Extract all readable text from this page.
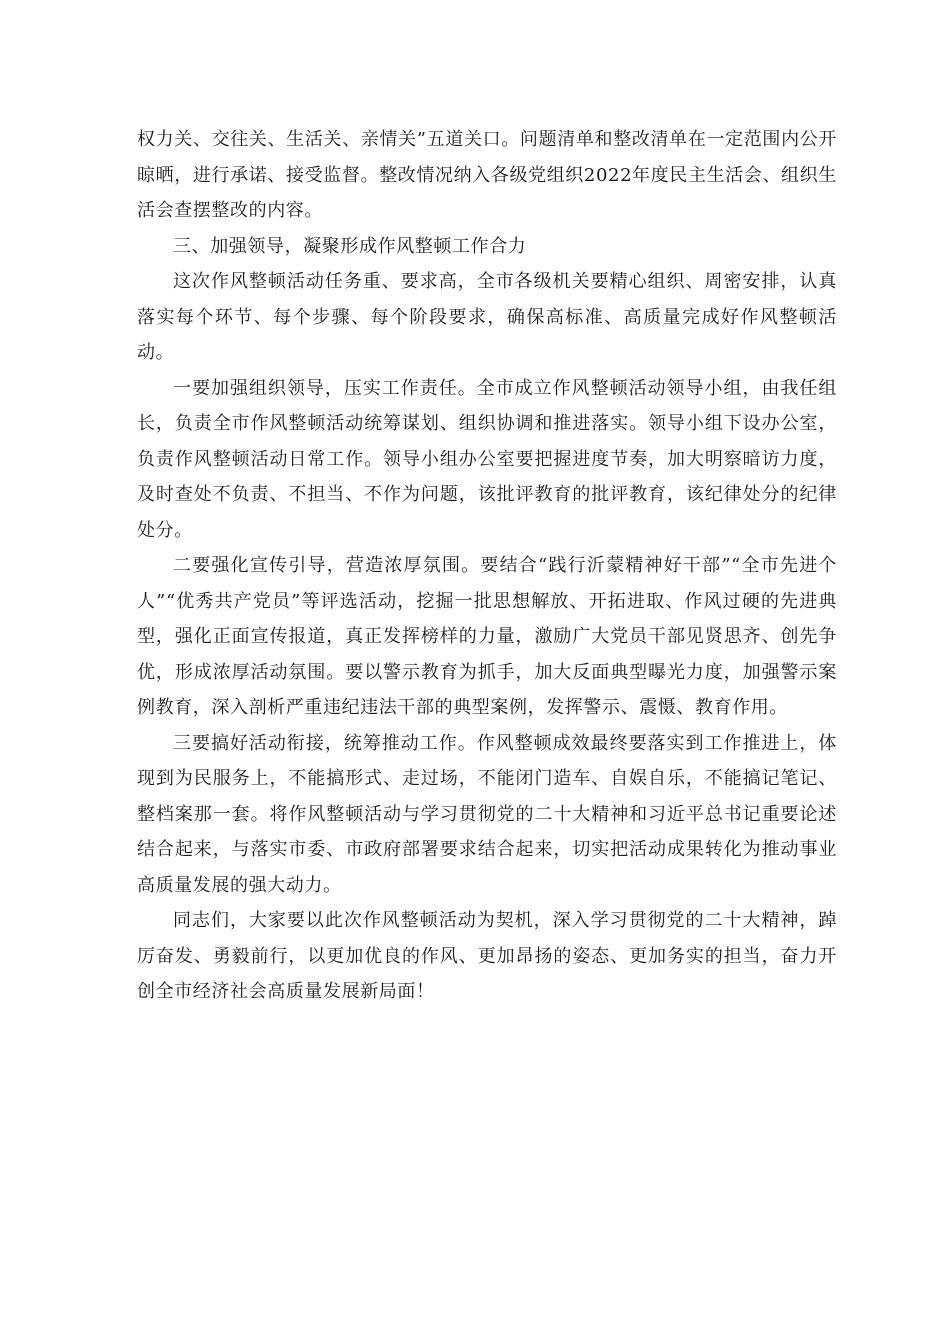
权力关、交往关、生活关、亲情关”五道关口。问题清单和整改清单在一定范围内公开晾晒，进行承诺、接受监督。整改情况纳入各级党组织2022年度民主生活会、组织生活会查摆整改的内容。

三、加强领导，凝聚形成作风整顿工作合力

这次作风整顿活动任务重、要求高，全市各级机关要精心组织、周密安排，认真落实每个环节、每个步骤、每个阶段要求，确保高标准、高质量完成好作风整顿活动。

一要加强组织领导，压实工作责任。全市成立作风整顿活动领导小组，由我任组长，负责全市作风整顿活动统筹谋划、组织协调和推进落实。领导小组下设办公室，负责作风整顿活动日常工作。领导小组办公室要把握进度节奏，加大明察暗访力度，及时查处不负责、不担当、不作为问题，该批评教育的批评教育，该纪律处分的纪律处分。

二要强化宣传引导，营造浓厚氛围。要结合“践行沂蒙精神好干部”“全市先进个人”“优秀共产党员”等评选活动，挖掘一批思想解放、开拓进取、作风过硬的先进典型，强化正面宣传报道，真正发挥榜样的力量，激励广大党员干部见贤思齐、创先争优，形成浓厚活动氛围。要以警示教育为抓手，加大反面典型曝光力度，加强警示案例教育，深入剖析严重违纪违法干部的典型案例，发挥警示、震慑、教育作用。

三要搞好活动衔接，统筹推动工作。作风整顿成效最终要落实到工作推进上，体现到为民服务上，不能搞形式、走过场，不能闭门造车、自娱自乐，不能搞记笔记、整档案那一套。将作风整顿活动与学习贯彻党的二十大精神和习近平总书记重要论述结合起来，与落实市委、市政府部署要求结合起来，切实把活动成果转化为推动事业高质量发展的强大动力。

同志们，大家要以此次作风整顿活动为契机，深入学习贯彻党的二十大精神，踔厉奋发、勇毅前行，以更加优良的作风、更加昂扬的姿态、更加务实的担当，奋力开创全市经济社会高质量发展新局面！
